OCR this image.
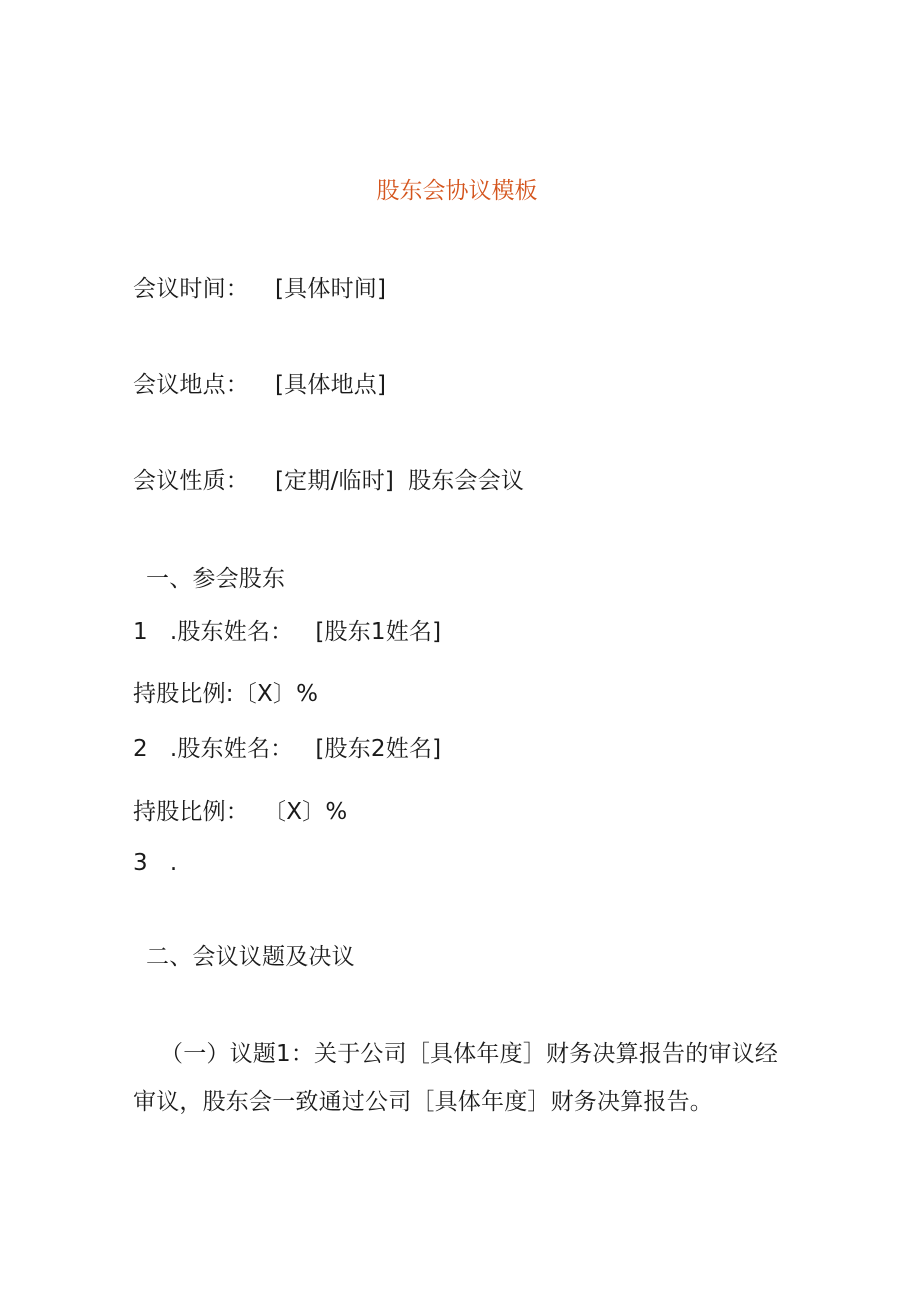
股东会协议模板
会议时间： [具体时间]
会议地点： [具体地点]
会议性质： [定期/临时] 股东会会议
一、参会股东
1 .股东姓名： [股东1姓名]
持股比例:〔X〕%
2 .股东姓名： [股东2姓名]
持股比例： 〔X〕%
3 .
二、会议议题及决议
（一）议题1：关于公司［具体年度］财务决算报告的审议经
审议，股东会一致通过公司［具体年度］财务决算报告。
